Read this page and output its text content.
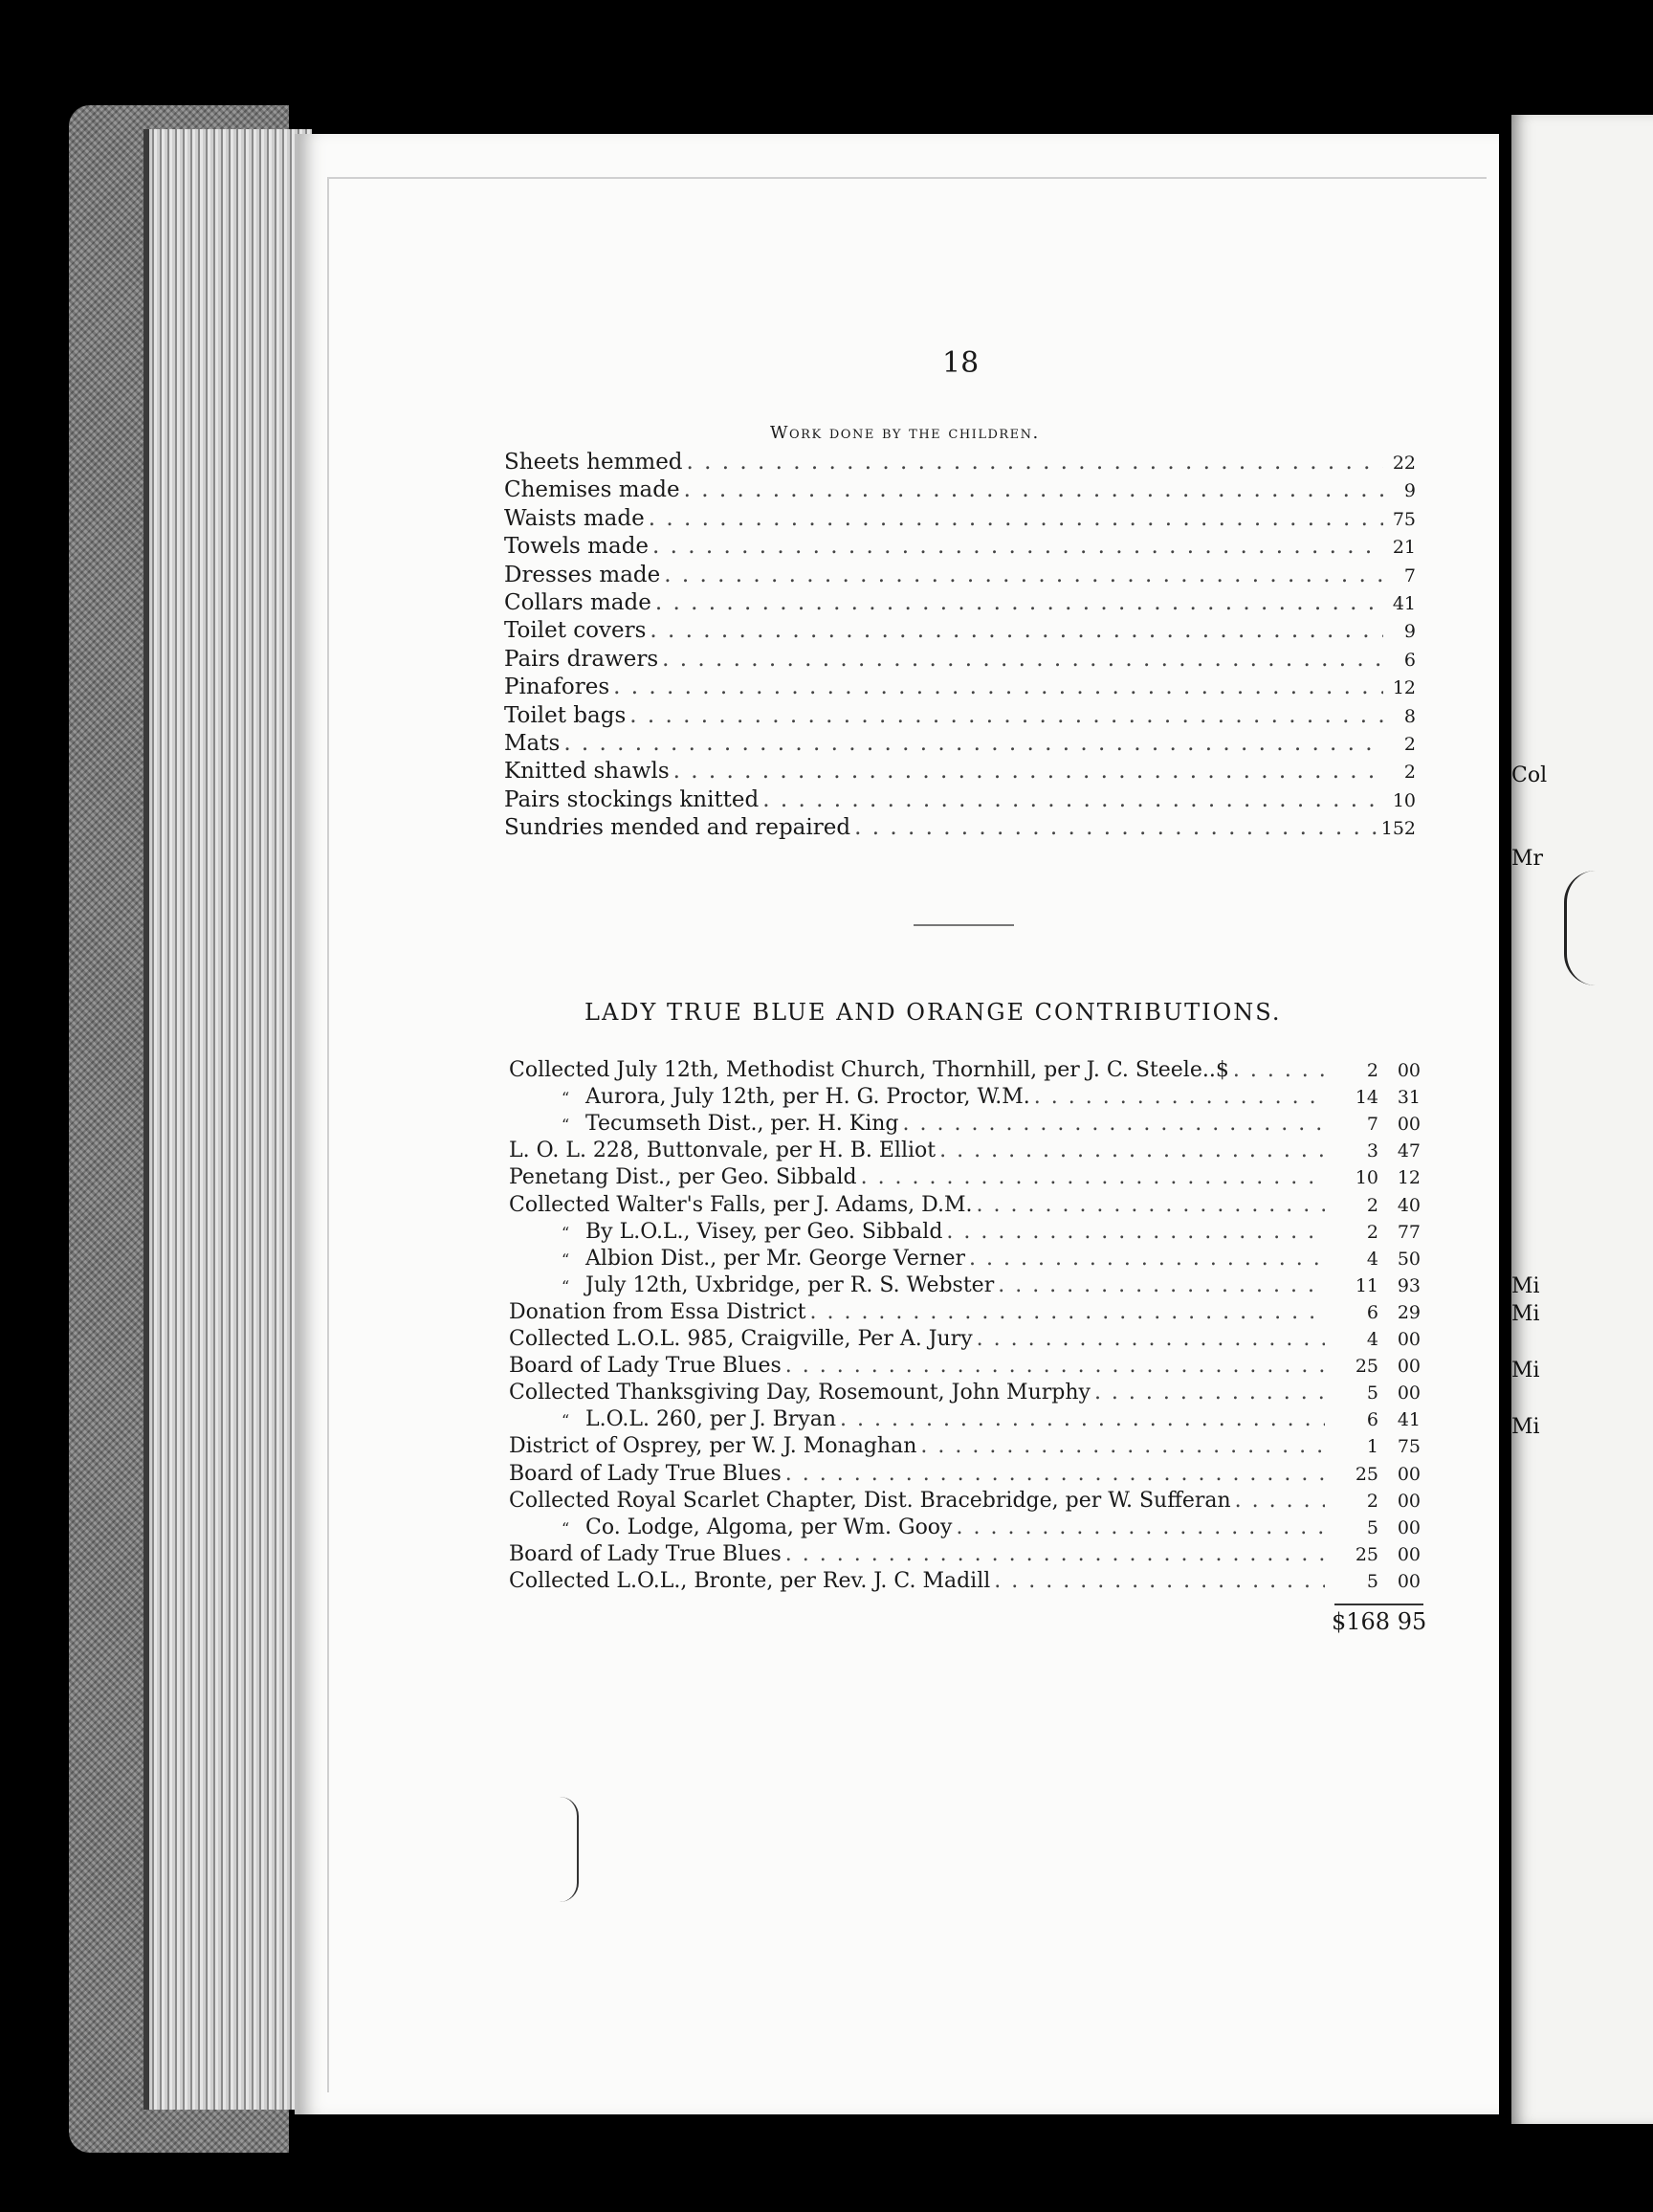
Col
Mr
Mi
Mi
Mi
Mi
18
Work done by the children.
Sheets hemmed . . .	22
Chemises made . . .	9
Waists made . . .	75
Towels made . . .	21
Dresses made . . .	7
Collars made . . .	41
Toilet covers . . .	9
Pairs drawers . . .	6
Pinafores . . .	12
Toilet bags . . .	8
Mats . . .	2
Knitted shawls . . .	2
Pairs stockings knitted . . .	10
Sundries mended and repaired . . .	152
LADY TRUE BLUE AND ORANGE CONTRIBUTIONS.
Collected July 12th, Methodist Church, Thornhill, per J. C. Steele..$ . . .	2	00
“ Aurora, July 12th, per H. G. Proctor, W.M. . . .	14	31
“ Tecumseth Dist., per. H. King . . .	7	00
L. O. L. 228, Buttonvale, per H. B. Elliot . . .	3	47
Penetang Dist., per Geo. Sibbald . . .	10	12
Collected Walter's Falls, per J. Adams, D.M. . . .	2	40
“ By L.O.L., Visey, per Geo. Sibbald . . .	2	77
“ Albion Dist., per Mr. George Verner . . .	4	50
“ July 12th, Uxbridge, per R. S. Webster . . .	11	93
Donation from Essa District . . .	6	29
Collected L.O.L. 985, Craigville, Per A. Jury . . .	4	00
Board of Lady True Blues . . .	25	00
Collected Thanksgiving Day, Rosemount, John Murphy . . .	5	00
“ L.O.L. 260, per J. Bryan . . .	6	41
District of Osprey, per W. J. Monaghan . . .	1	75
Board of Lady True Blues . . .	25	00
Collected Royal Scarlet Chapter, Dist. Bracebridge, per W. Sufferan . . .	2	00
“ Co. Lodge, Algoma, per Wm. Gooy . . .	5	00
Board of Lady True Blues . . .	25	00
Collected L.O.L., Bronte, per Rev. J. C. Madill . . .	5	00
$168 95
